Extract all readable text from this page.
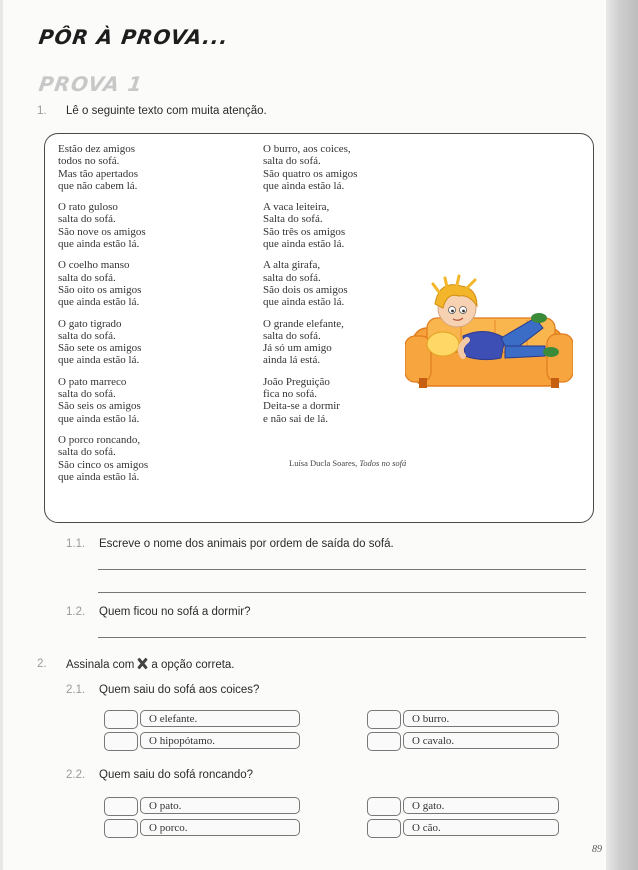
PÔR À PROVA...
PROVA 1
1. Lê o seguinte texto com muita atenção.
Estão dez amigos
todos no sofá.
Mas tão apertados
que não cabem lá.
O rato guloso
salta do sofá.
São nove os amigos
que ainda estão lá.
O coelho manso
salta do sofá.
São oito os amigos
que ainda estão lá.
O gato tigrado
salta do sofá.
São sete os amigos
que ainda estão lá.
O pato marreco
salta do sofá.
São seis os amigos
que ainda estão lá.
O porco roncando,
salta do sofá.
São cinco os amigos
que ainda estão lá.
O burro, aos coices,
salta do sofá.
São quatro os amigos
que ainda estão lá.
A vaca leiteira,
Salta do sofá.
São três os amigos
que ainda estão lá.
A alta girafa,
salta do sofá.
São dois os amigos
que ainda estão lá.
O grande elefante,
salta do sofá.
Já só um amigo
ainda lá está.
João Preguição
fica no sofá.
Deita-se a dormir
e não sai de lá.
Luísa Ducla Soares, Todos no sofá
1.1. Escreve o nome dos animais por ordem de saída do sofá.
1.2. Quem ficou no sofá a dormir?
2. Assinala com a opção correta.
2.1. Quem saiu do sofá aos coices?
O elefante.
O hipopótamo.
O burro.
O cavalo.
2.2. Quem saiu do sofá roncando?
O pato.
O porco.
O gato.
O cão.
89
